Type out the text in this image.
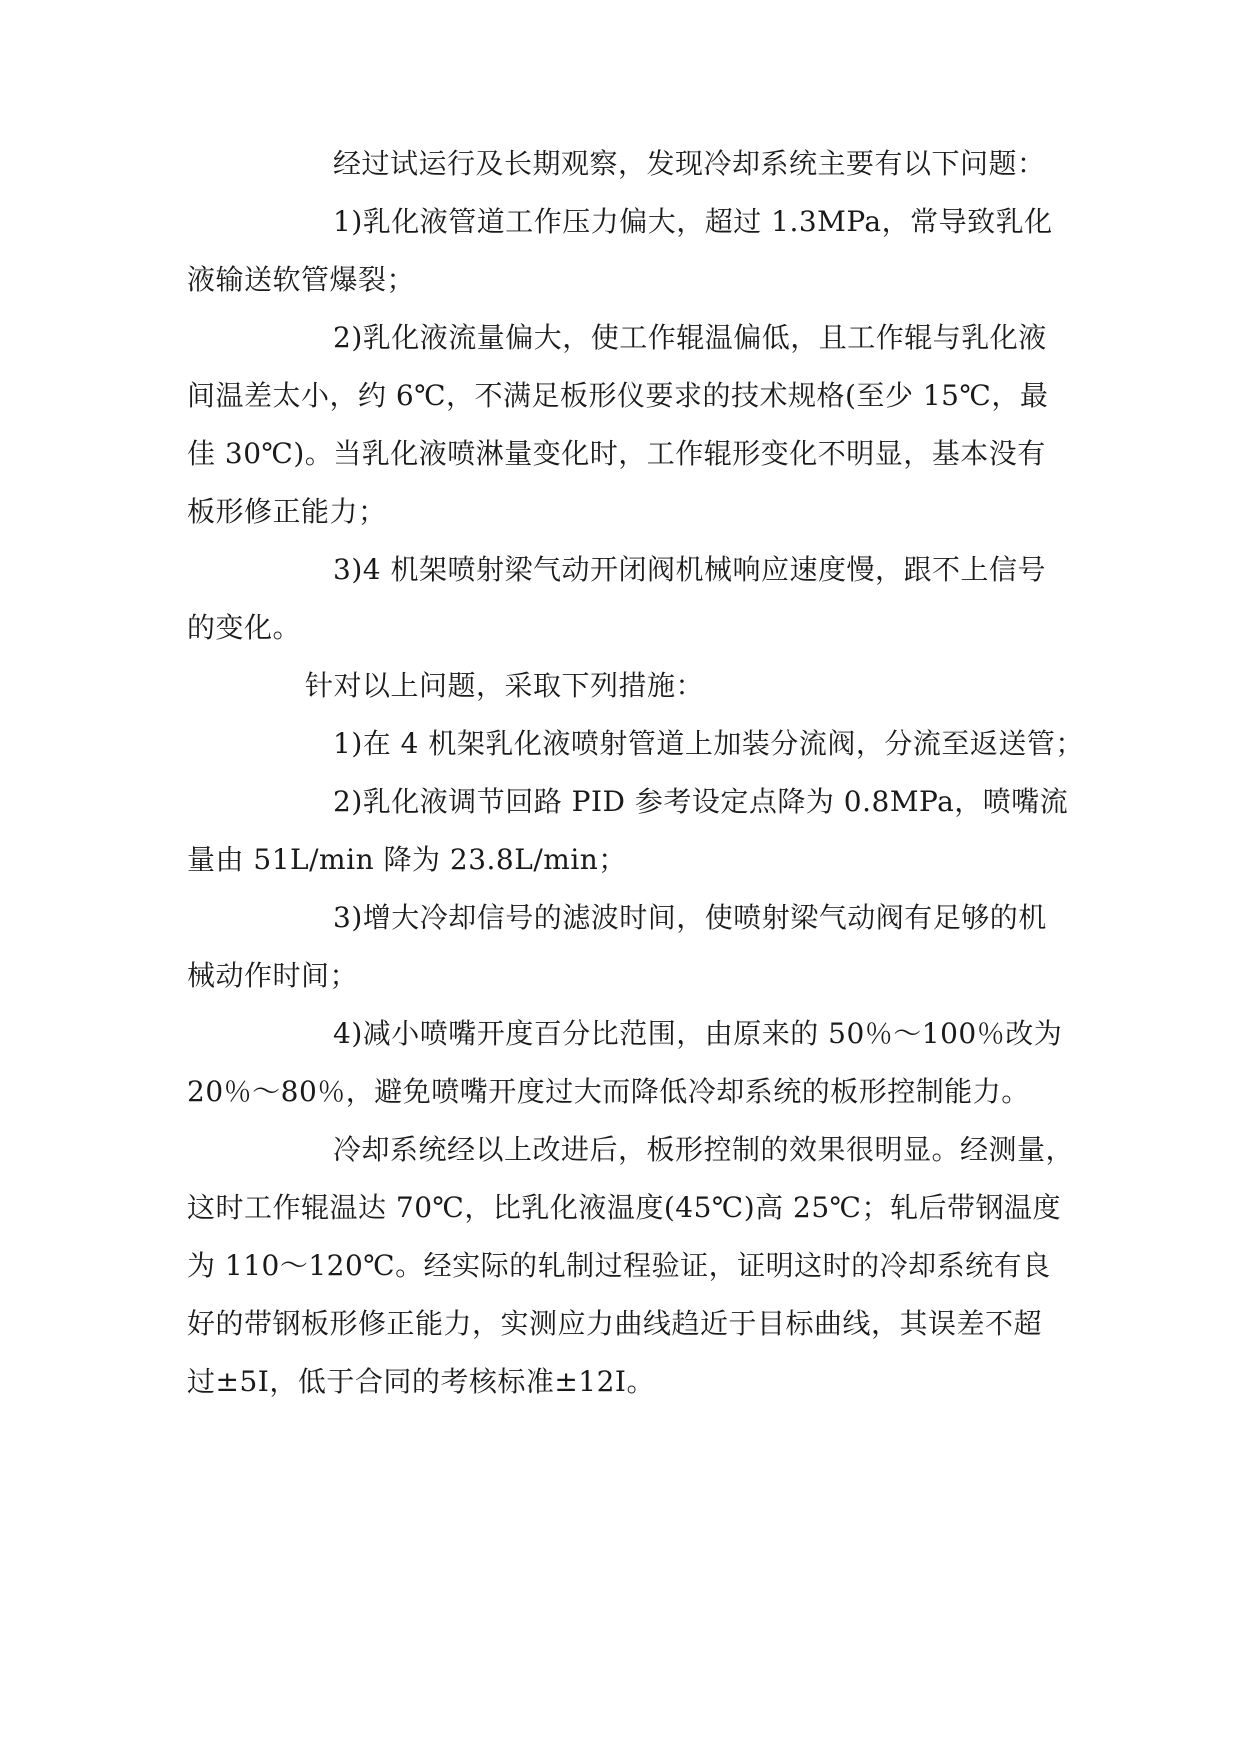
经过试运行及长期观察，发现冷却系统主要有以下问题：
1)乳化液管道工作压力偏大，超过 1.3MPa，常导致乳化
液输送软管爆裂；
2)乳化液流量偏大，使工作辊温偏低，且工作辊与乳化液
间温差太小，约 6℃，不满足板形仪要求的技术规格(至少 15℃，最
佳 30℃)。当乳化液喷淋量变化时，工作辊形变化不明显，基本没有
板形修正能力；
3)4 机架喷射梁气动开闭阀机械响应速度慢，跟不上信号
的变化。
针对以上问题，采取下列措施：
1)在 4 机架乳化液喷射管道上加装分流阀，分流至返送管；
2)乳化液调节回路 PID 参考设定点降为 0.8MPa，喷嘴流
量由 51L/min 降为 23.8L/min；
3)增大冷却信号的滤波时间，使喷射梁气动阀有足够的机
械动作时间；
4)减小喷嘴开度百分比范围，由原来的 50％～100％改为
20％～80％，避免喷嘴开度过大而降低冷却系统的板形控制能力。
冷却系统经以上改进后，板形控制的效果很明显。经测量，
这时工作辊温达 70℃，比乳化液温度(45℃)高 25℃；轧后带钢温度
为 110～120℃。经实际的轧制过程验证，证明这时的冷却系统有良
好的带钢板形修正能力，实测应力曲线趋近于目标曲线，其误差不超
过±5I，低于合同的考核标准±12I。
